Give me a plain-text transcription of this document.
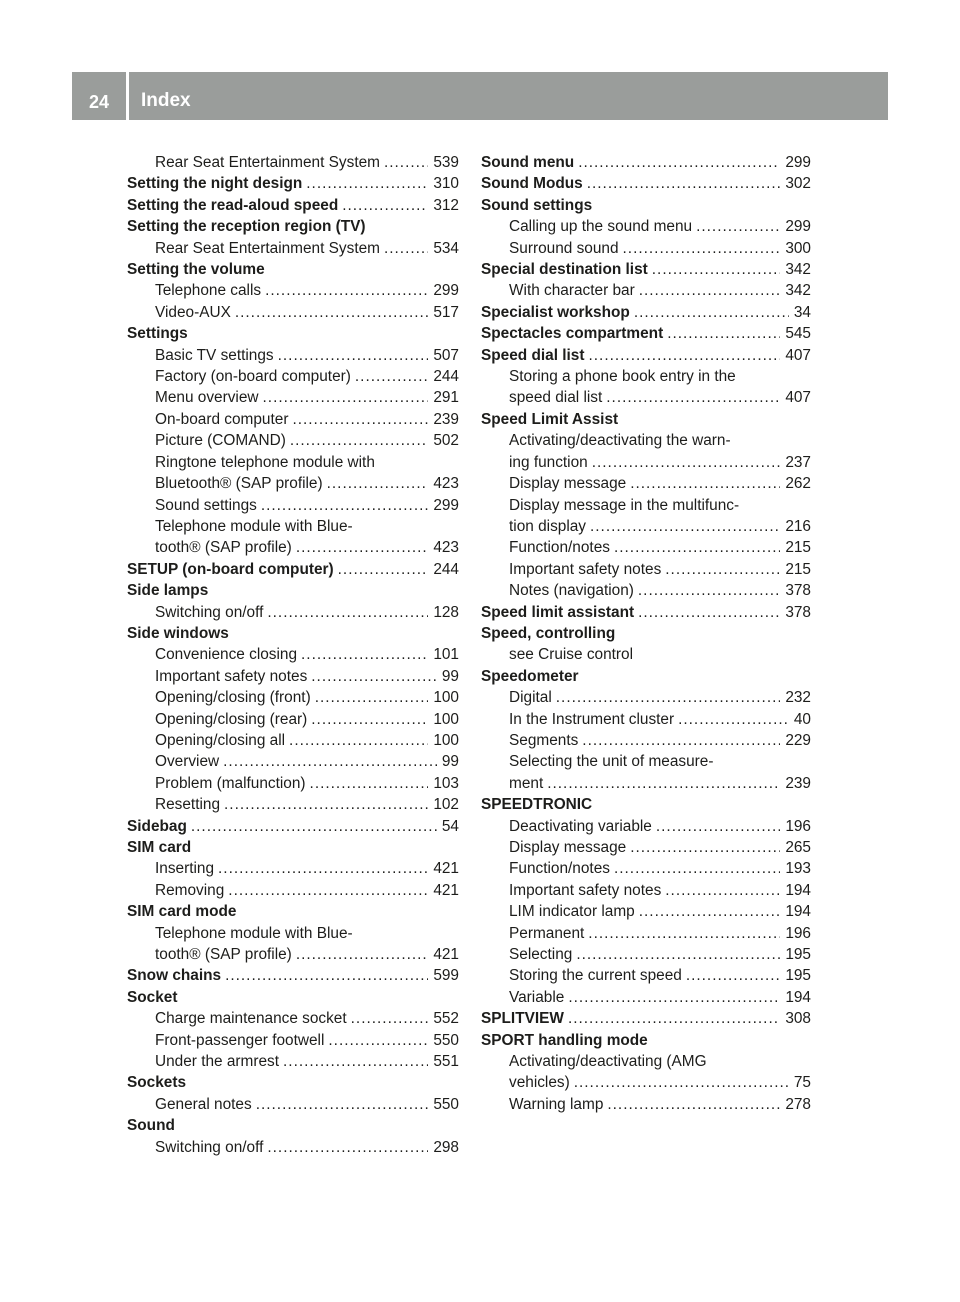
24	Index
Rear Seat Entertainment System .....	539
Setting the night design .....	310
Setting the read-aloud speed .....	312
Setting the reception region (TV)
Rear Seat Entertainment System .....	534
Setting the volume
Telephone calls .....	299
Video-AUX .....	517
Settings
Basic TV settings .....	507
Factory (on-board computer) .....	244
Menu overview .....	291
On-board computer .....	239
Picture (COMAND) .....	502
Ringtone telephone module with
Bluetooth® (SAP profile) .....	423
Sound settings .....	299
Telephone module with Blue-
tooth® (SAP profile) .....	423
SETUP (on-board computer) .....	244
Side lamps
Switching on/off .....	128
Side windows
Convenience closing .....	101
Important safety notes .....	99
Opening/closing (front) .....	100
Opening/closing (rear) .....	100
Opening/closing all .....	100
Overview .....	99
Problem (malfunction) .....	103
Resetting .....	102
Sidebag .....	54
SIM card
Inserting .....	421
Removing .....	421
SIM card mode
Telephone module with Blue-
tooth® (SAP profile) .....	421
Snow chains .....	599
Socket
Charge maintenance socket .....	552
Front-passenger footwell .....	550
Under the armrest .....	551
Sockets
General notes .....	550
Sound
Switching on/off .....	298
Sound menu .....	299
Sound Modus .....	302
Sound settings
Calling up the sound menu .....	299
Surround sound .....	300
Special destination list .....	342
With character bar .....	342
Specialist workshop .....	34
Spectacles compartment .....	545
Speed dial list .....	407
Storing a phone book entry in the
speed dial list .....	407
Speed Limit Assist
Activating/deactivating the warn-
ing function .....	237
Display message .....	262
Display message in the multifunc-
tion display .....	216
Function/notes .....	215
Important safety notes .....	215
Notes (navigation) .....	378
Speed limit assistant .....	378
Speed, controlling
see Cruise control
Speedometer
Digital .....	232
In the Instrument cluster .....	40
Segments .....	229
Selecting the unit of measure-
ment .....	239
SPEEDTRONIC
Deactivating variable .....	196
Display message .....	265
Function/notes .....	193
Important safety notes .....	194
LIM indicator lamp .....	194
Permanent .....	196
Selecting .....	195
Storing the current speed .....	195
Variable .....	194
SPLITVIEW .....	308
SPORT handling mode
Activating/deactivating (AMG
vehicles) .....	75
Warning lamp .....	278
